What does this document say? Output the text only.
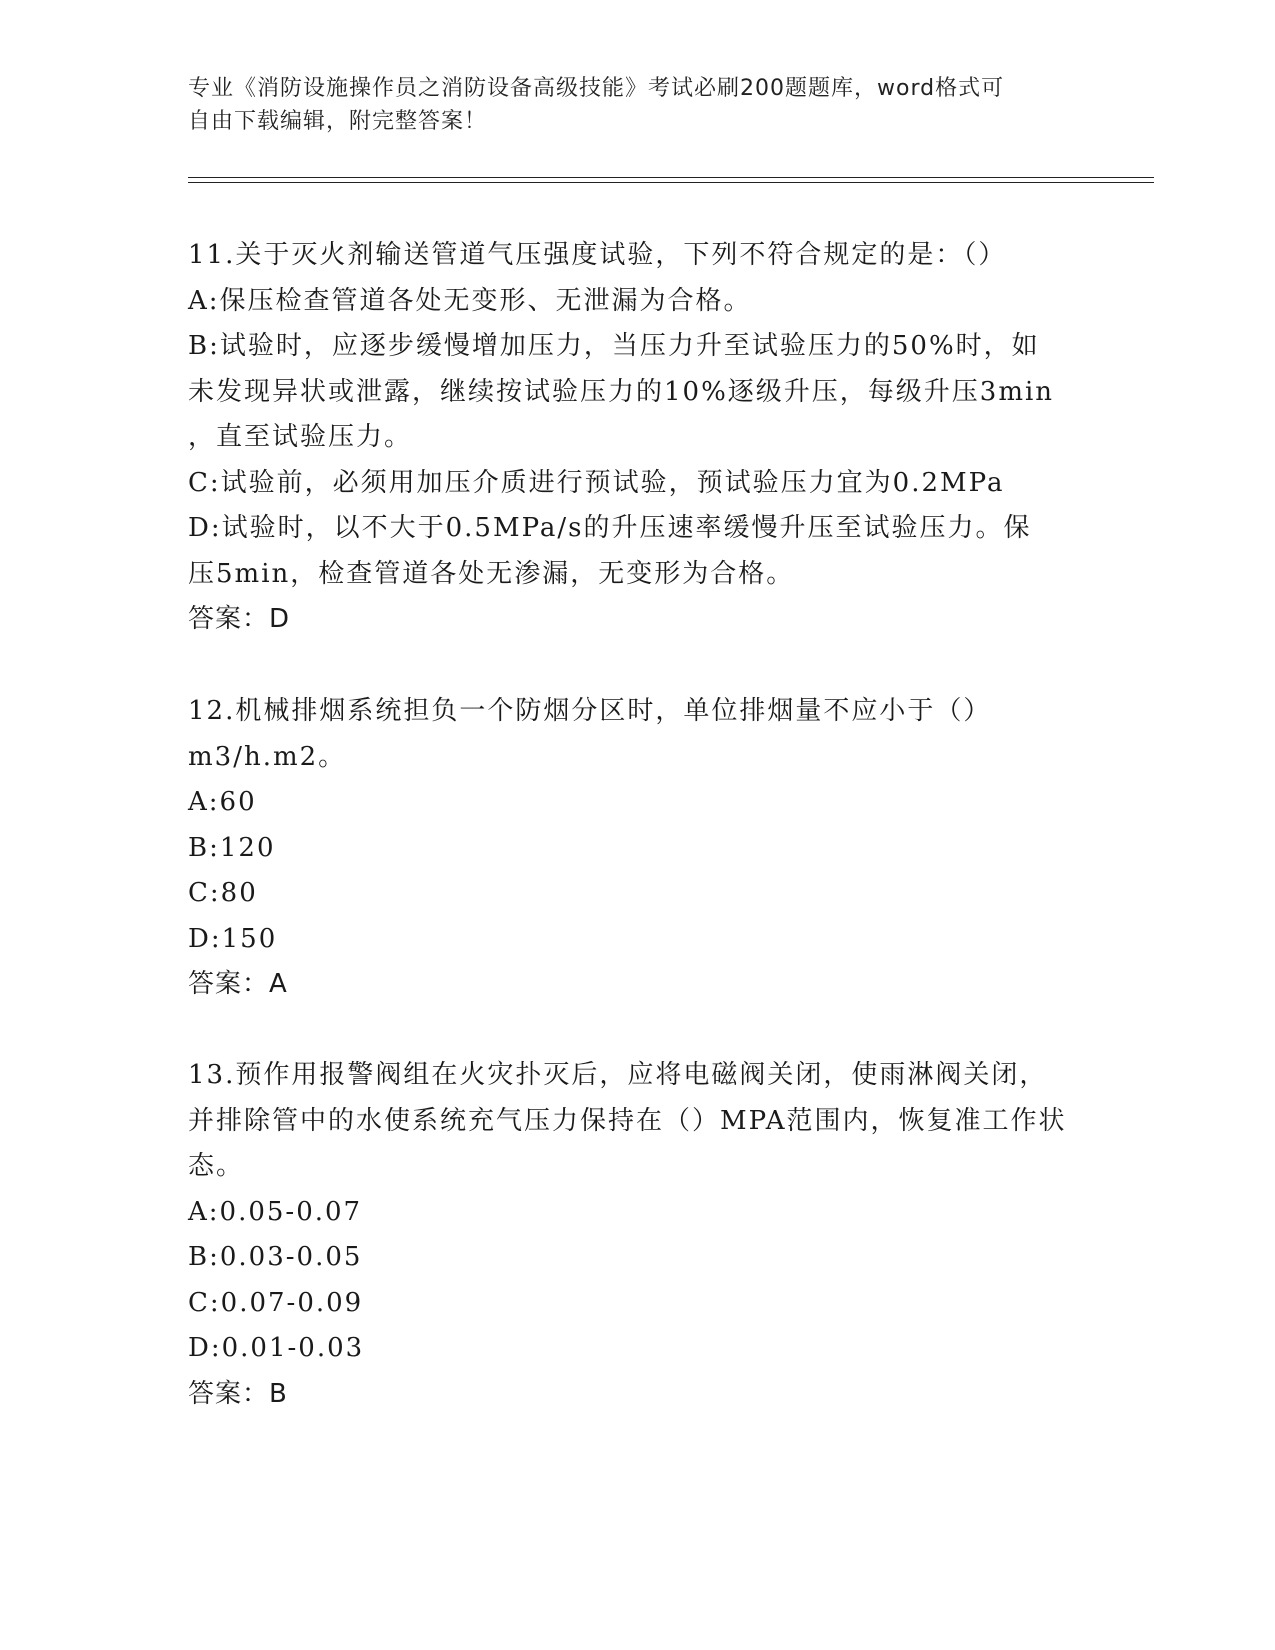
专业《消防设施操作员之消防设备高级技能》考试必刷200题题库，word格式可
自由下载编辑，附完整答案！
11.关于灭火剂输送管道气压强度试验，下列不符合规定的是：（）
A:保压检查管道各处无变形、无泄漏为合格。
B:试验时，应逐步缓慢增加压力，当压力升至试验压力的50%时，如
未发现异状或泄露，继续按试验压力的10%逐级升压，每级升压3min
，直至试验压力。
C:试验前，必须用加压介质进行预试验，预试验压力宜为0.2MPa
D:试验时，以不大于0.5MPa/s的升压速率缓慢升压至试验压力。保
压5min，检查管道各处无渗漏，无变形为合格。
答案：D
12.机械排烟系统担负一个防烟分区时，单位排烟量不应小于（）
m3/h.m2。
A:60
B:120
C:80
D:150
答案：A
13.预作用报警阀组在火灾扑灭后，应将电磁阀关闭，使雨淋阀关闭，
并排除管中的水使系统充气压力保持在（）MPA范围内，恢复准工作状
态。
A:0.05-0.07
B:0.03-0.05
C:0.07-0.09
D:0.01-0.03
答案：B
